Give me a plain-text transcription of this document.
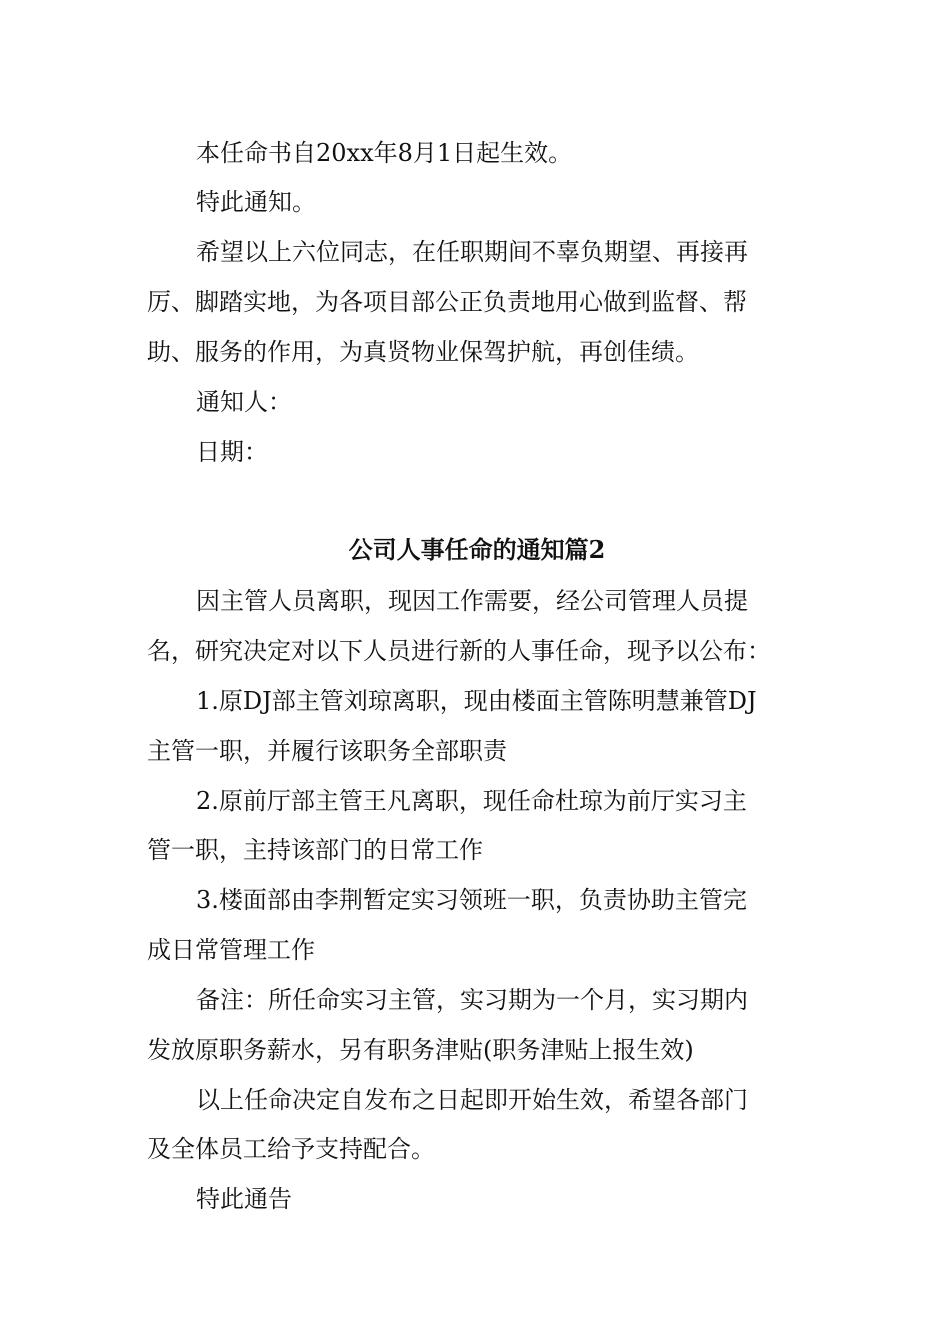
本任命书自20xx年8月1日起生效。
特此通知。
希望以上六位同志，在任职期间不辜负期望、再接再
厉、脚踏实地，为各项目部公正负责地用心做到监督、帮
助、服务的作用，为真贤物业保驾护航，再创佳绩。
通知人：
日期：
公司人事任命的通知篇2
因主管人员离职，现因工作需要，经公司管理人员提
名，研究决定对以下人员进行新的人事任命，现予以公布：
1.原DJ部主管刘琼离职，现由楼面主管陈明慧兼管DJ
主管一职，并履行该职务全部职责
2.原前厅部主管王凡离职，现任命杜琼为前厅实习主
管一职，主持该部门的日常工作
3.楼面部由李荆暂定实习领班一职，负责协助主管完
成日常管理工作
备注：所任命实习主管，实习期为一个月，实习期内
发放原职务薪水，另有职务津贴(职务津贴上报生效)
以上任命决定自发布之日起即开始生效，希望各部门
及全体员工给予支持配合。
特此通告
